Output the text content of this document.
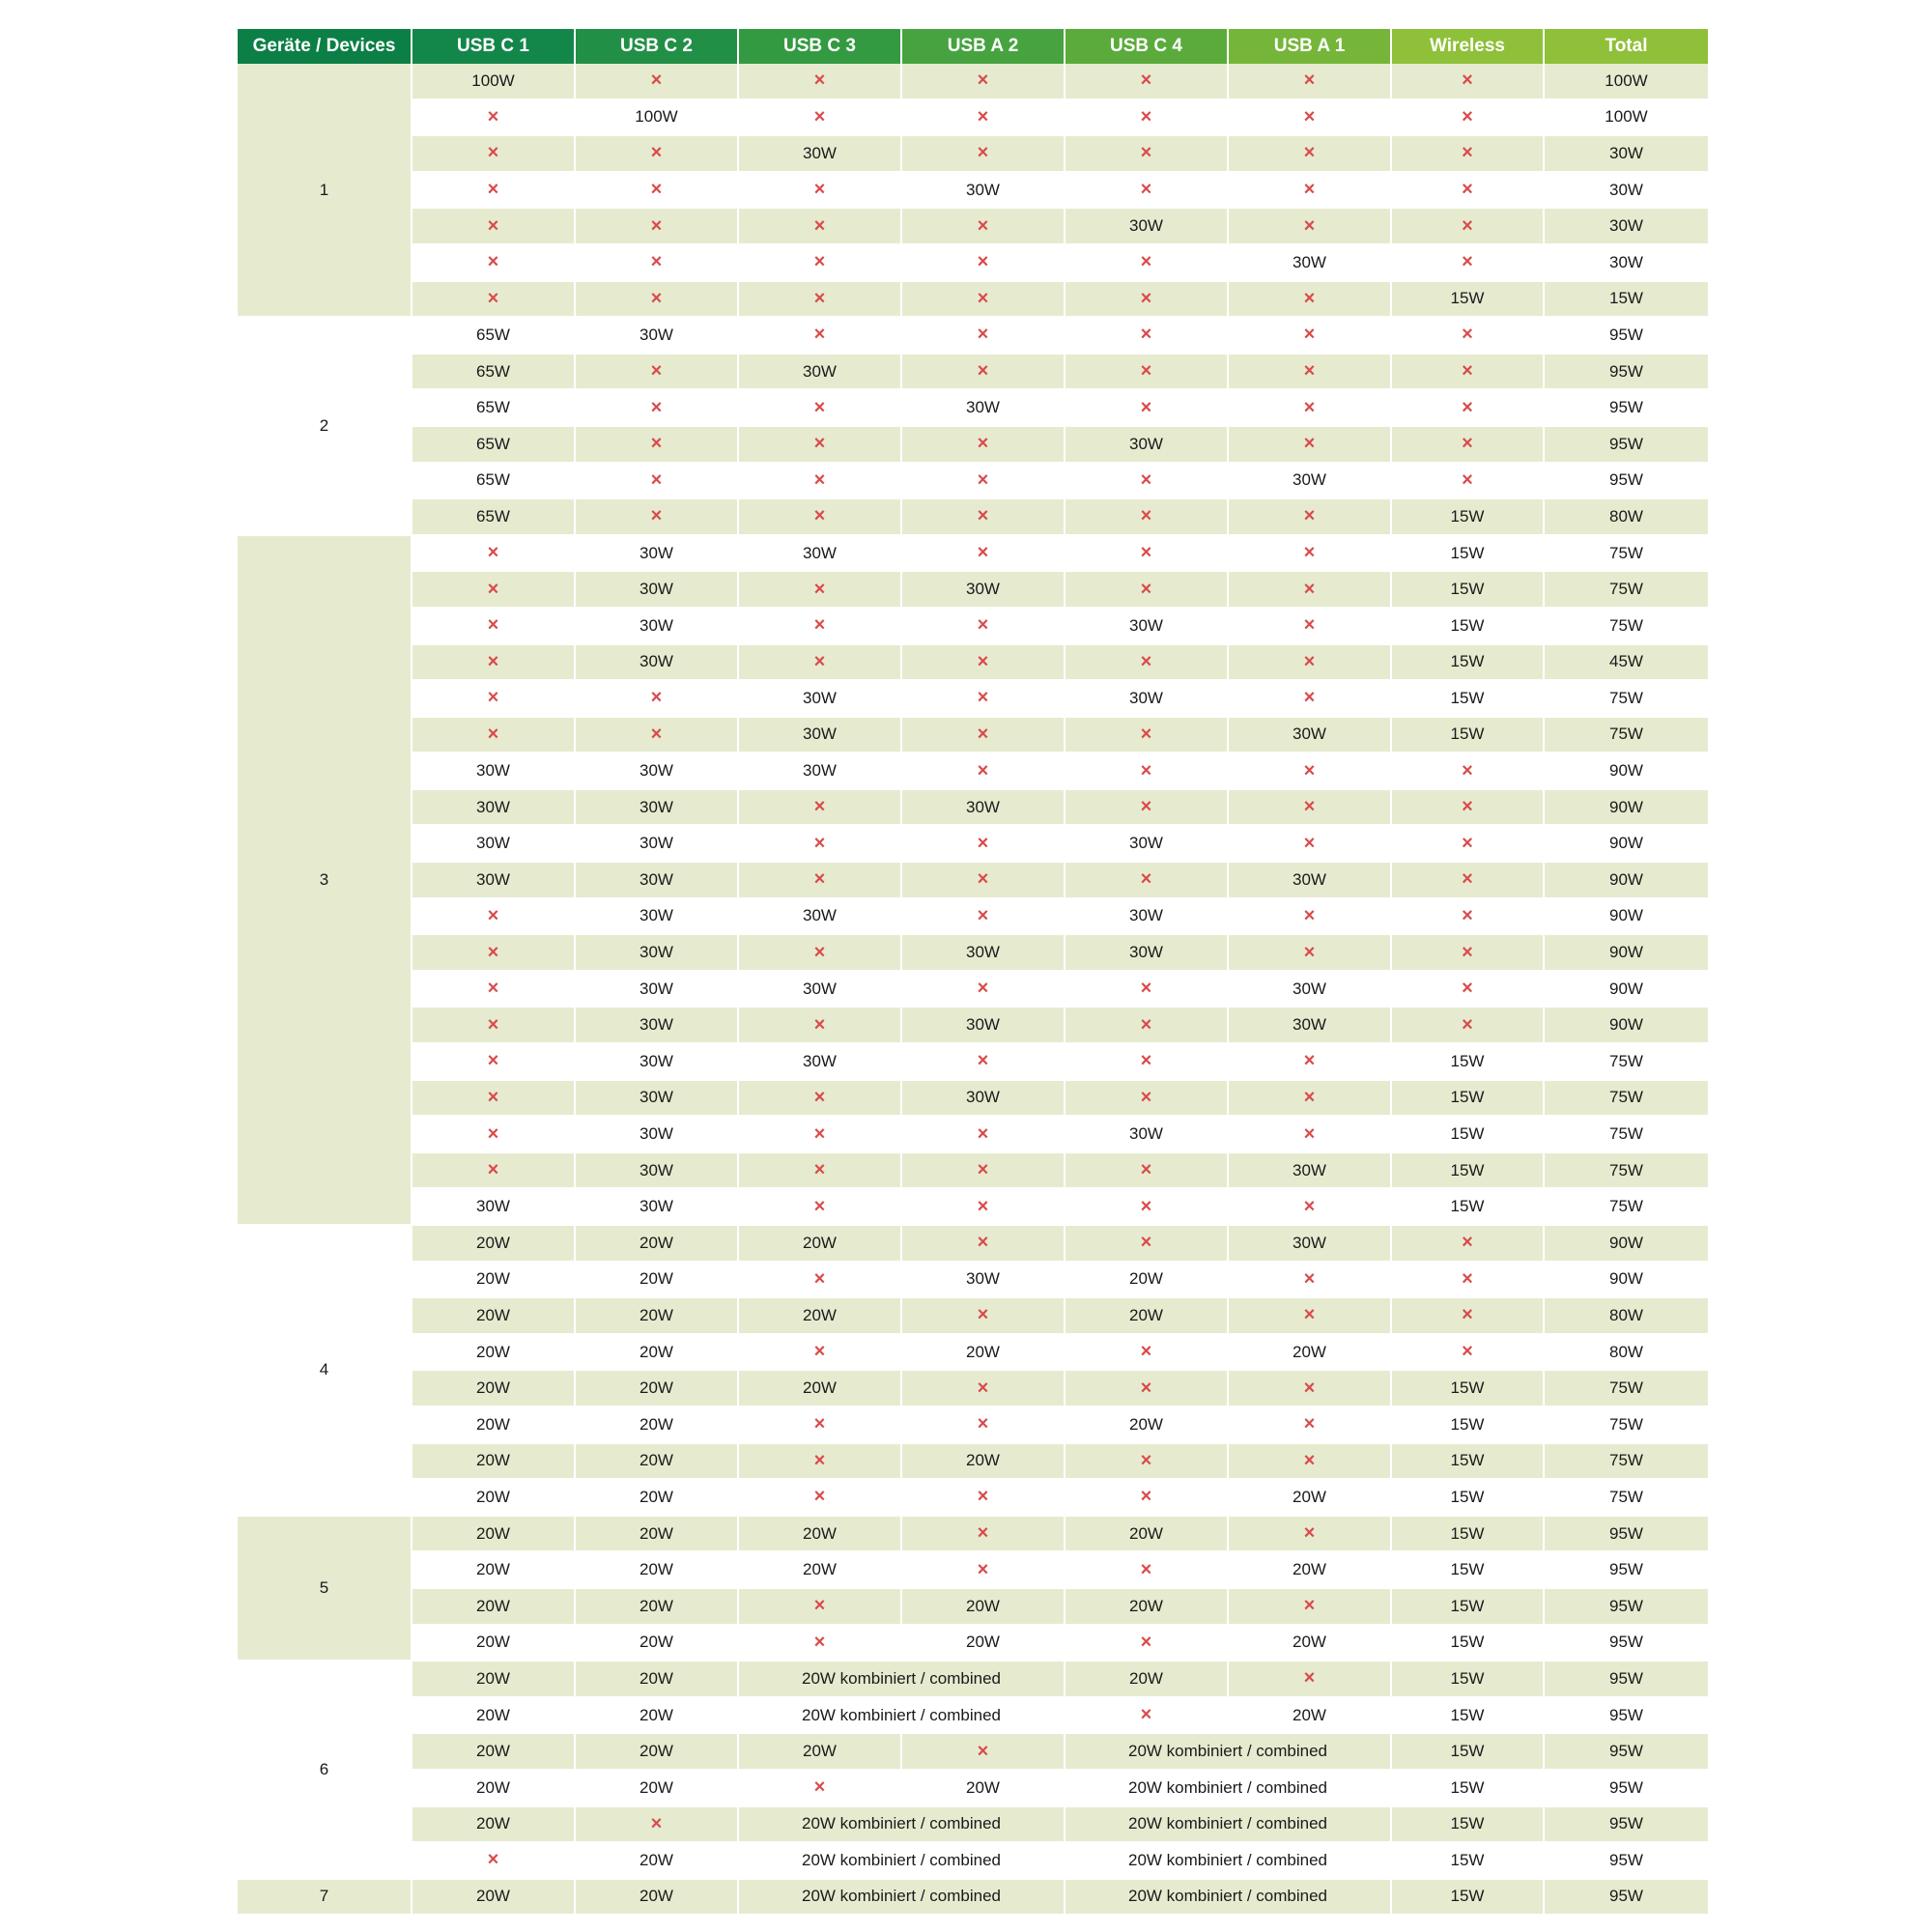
Geräte / Devices	USB C 1	USB C 2	USB C 3	USB A 2	USB C 4	USB A 1	Wireless	Total
1	100W	×	×	×	×	×	×	100W
	×	100W	×	×	×	×	×	100W
	×	×	30W	×	×	×	×	30W
	×	×	×	30W	×	×	×	30W
	×	×	×	×	30W	×	×	30W
	×	×	×	×	×	30W	×	30W
	×	×	×	×	×	×	15W	15W
2	65W	30W	×	×	×	×	×	95W
	65W	×	30W	×	×	×	×	95W
	65W	×	×	30W	×	×	×	95W
	65W	×	×	×	30W	×	×	95W
	65W	×	×	×	×	30W	×	95W
	65W	×	×	×	×	×	15W	80W
3	×	30W	30W	×	×	×	15W	75W
	×	30W	×	30W	×	×	15W	75W
	×	30W	×	×	30W	×	15W	75W
	×	30W	×	×	×	×	15W	45W
	×	×	30W	×	30W	×	15W	75W
	×	×	30W	×	×	30W	15W	75W
	30W	30W	30W	×	×	×	×	90W
	30W	30W	×	30W	×	×	×	90W
	30W	30W	×	×	30W	×	×	90W
	30W	30W	×	×	×	30W	×	90W
	×	30W	30W	×	30W	×	×	90W
	×	30W	×	30W	30W	×	×	90W
	×	30W	30W	×	×	30W	×	90W
	×	30W	×	30W	×	30W	×	90W
	×	30W	30W	×	×	×	15W	75W
	×	30W	×	30W	×	×	15W	75W
	×	30W	×	×	30W	×	15W	75W
	×	30W	×	×	×	30W	15W	75W
	30W	30W	×	×	×	×	15W	75W
4	20W	20W	20W	×	×	30W	×	90W
	20W	20W	×	30W	20W	×	×	90W
	20W	20W	20W	×	20W	×	×	80W
	20W	20W	×	20W	×	20W	×	80W
	20W	20W	20W	×	×	×	15W	75W
	20W	20W	×	×	20W	×	15W	75W
	20W	20W	×	20W	×	×	15W	75W
	20W	20W	×	×	×	20W	15W	75W
5	20W	20W	20W	×	20W	×	15W	95W
	20W	20W	20W	×	×	20W	15W	95W
	20W	20W	×	20W	20W	×	15W	95W
	20W	20W	×	20W	×	20W	15W	95W
6	20W	20W	20W kombiniert / combined		20W	×	15W	95W
	20W	20W	20W kombiniert / combined		×	20W	15W	95W
	20W	20W	20W	×	20W kombiniert / combined		15W	95W
	20W	20W	×	20W	20W kombiniert / combined		15W	95W
	20W	×	20W kombiniert / combined		20W kombiniert / combined		15W	95W
	×	20W	20W kombiniert / combined		20W kombiniert / combined		15W	95W
7	20W	20W	20W kombiniert / combined		20W kombiniert / combined		15W	95W
